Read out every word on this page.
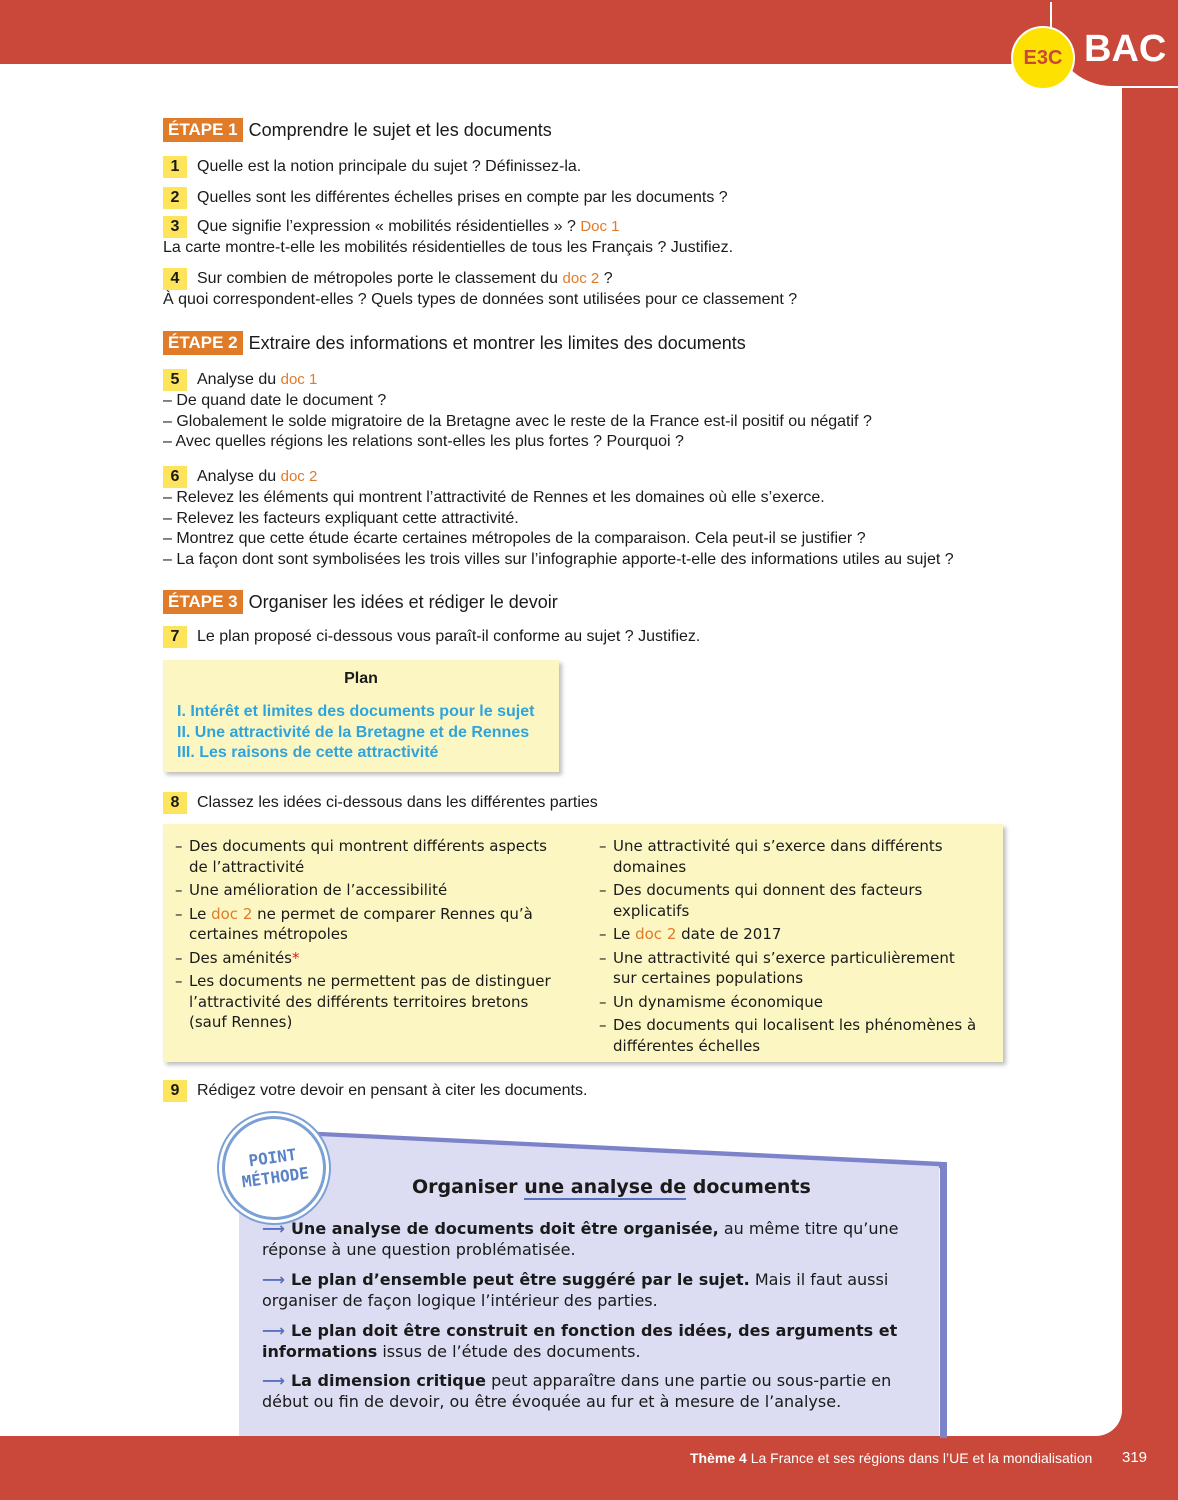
BAC
E3C
ÉTAPE 1 Comprendre le sujet et les documents
1 Quelle est la notion principale du sujet ? Définissez-la.
2 Quelles sont les différentes échelles prises en compte par les documents ?
3 Que signifie l’expression « mobilités résidentielles » ? Doc 1
La carte montre-t-elle les mobilités résidentielles de tous les Français ? Justifiez.
4 Sur combien de métropoles porte le classement du doc 2 ?
À quoi correspondent-elles ? Quels types de données sont utilisées pour ce classement ?
ÉTAPE 2 Extraire des informations et montrer les limites des documents
5 Analyse du doc 1
– De quand date le document ?
– Globalement le solde migratoire de la Bretagne avec le reste de la France est-il positif ou négatif ?
– Avec quelles régions les relations sont-elles les plus fortes ? Pourquoi ?
6 Analyse du doc 2
– Relevez les éléments qui montrent l’attractivité de Rennes et les domaines où elle s’exerce.
– Relevez les facteurs expliquant cette attractivité.
– Montrez que cette étude écarte certaines métropoles de la comparaison. Cela peut-il se justifier ?
– La façon dont sont symbolisées les trois villes sur l’infographie apporte-t-elle des informations utiles au sujet ?
ÉTAPE 3 Organiser les idées et rédiger le devoir
7 Le plan proposé ci-dessous vous paraît-il conforme au sujet ? Justifiez.
Plan
I. Intérêt et limites des documents pour le sujet
II. Une attractivité de la Bretagne et de Rennes
III. Les raisons de cette attractivité
8 Classez les idées ci-dessous dans les différentes parties
– Des documents qui montrent différents aspects de l’attractivité
– Une amélioration de l’accessibilité
– Le doc 2 ne permet de comparer Rennes qu’à certaines métropoles
– Des aménités*
– Les documents ne permettent pas de distinguer l’attractivité des différents territoires bretons (sauf Rennes)
– Une attractivité qui s’exerce dans différents domaines
– Des documents qui donnent des facteurs explicatifs
– Le doc 2 date de 2017
– Une attractivité qui s’exerce particulièrement sur certaines populations
– Un dynamisme économique
– Des documents qui localisent les phénomènes à différentes échelles
9 Rédigez votre devoir en pensant à citer les documents.
POINT
MÉTHODE	Organiser une analyse de documents
⟶ Une analyse de documents doit être organisée, au même titre qu’une réponse à une question problématisée.
⟶ Le plan d’ensemble peut être suggéré par le sujet. Mais il faut aussi organiser de façon logique l’intérieur des parties.
⟶ Le plan doit être construit en fonction des idées, des arguments et informations issus de l’étude des documents.
⟶ La dimension critique peut apparaître dans une partie ou sous-partie en début ou fin de devoir, ou être évoquée au fur et à mesure de l’analyse.
Thème 4 La France et ses régions dans l’UE et la mondialisation 319
